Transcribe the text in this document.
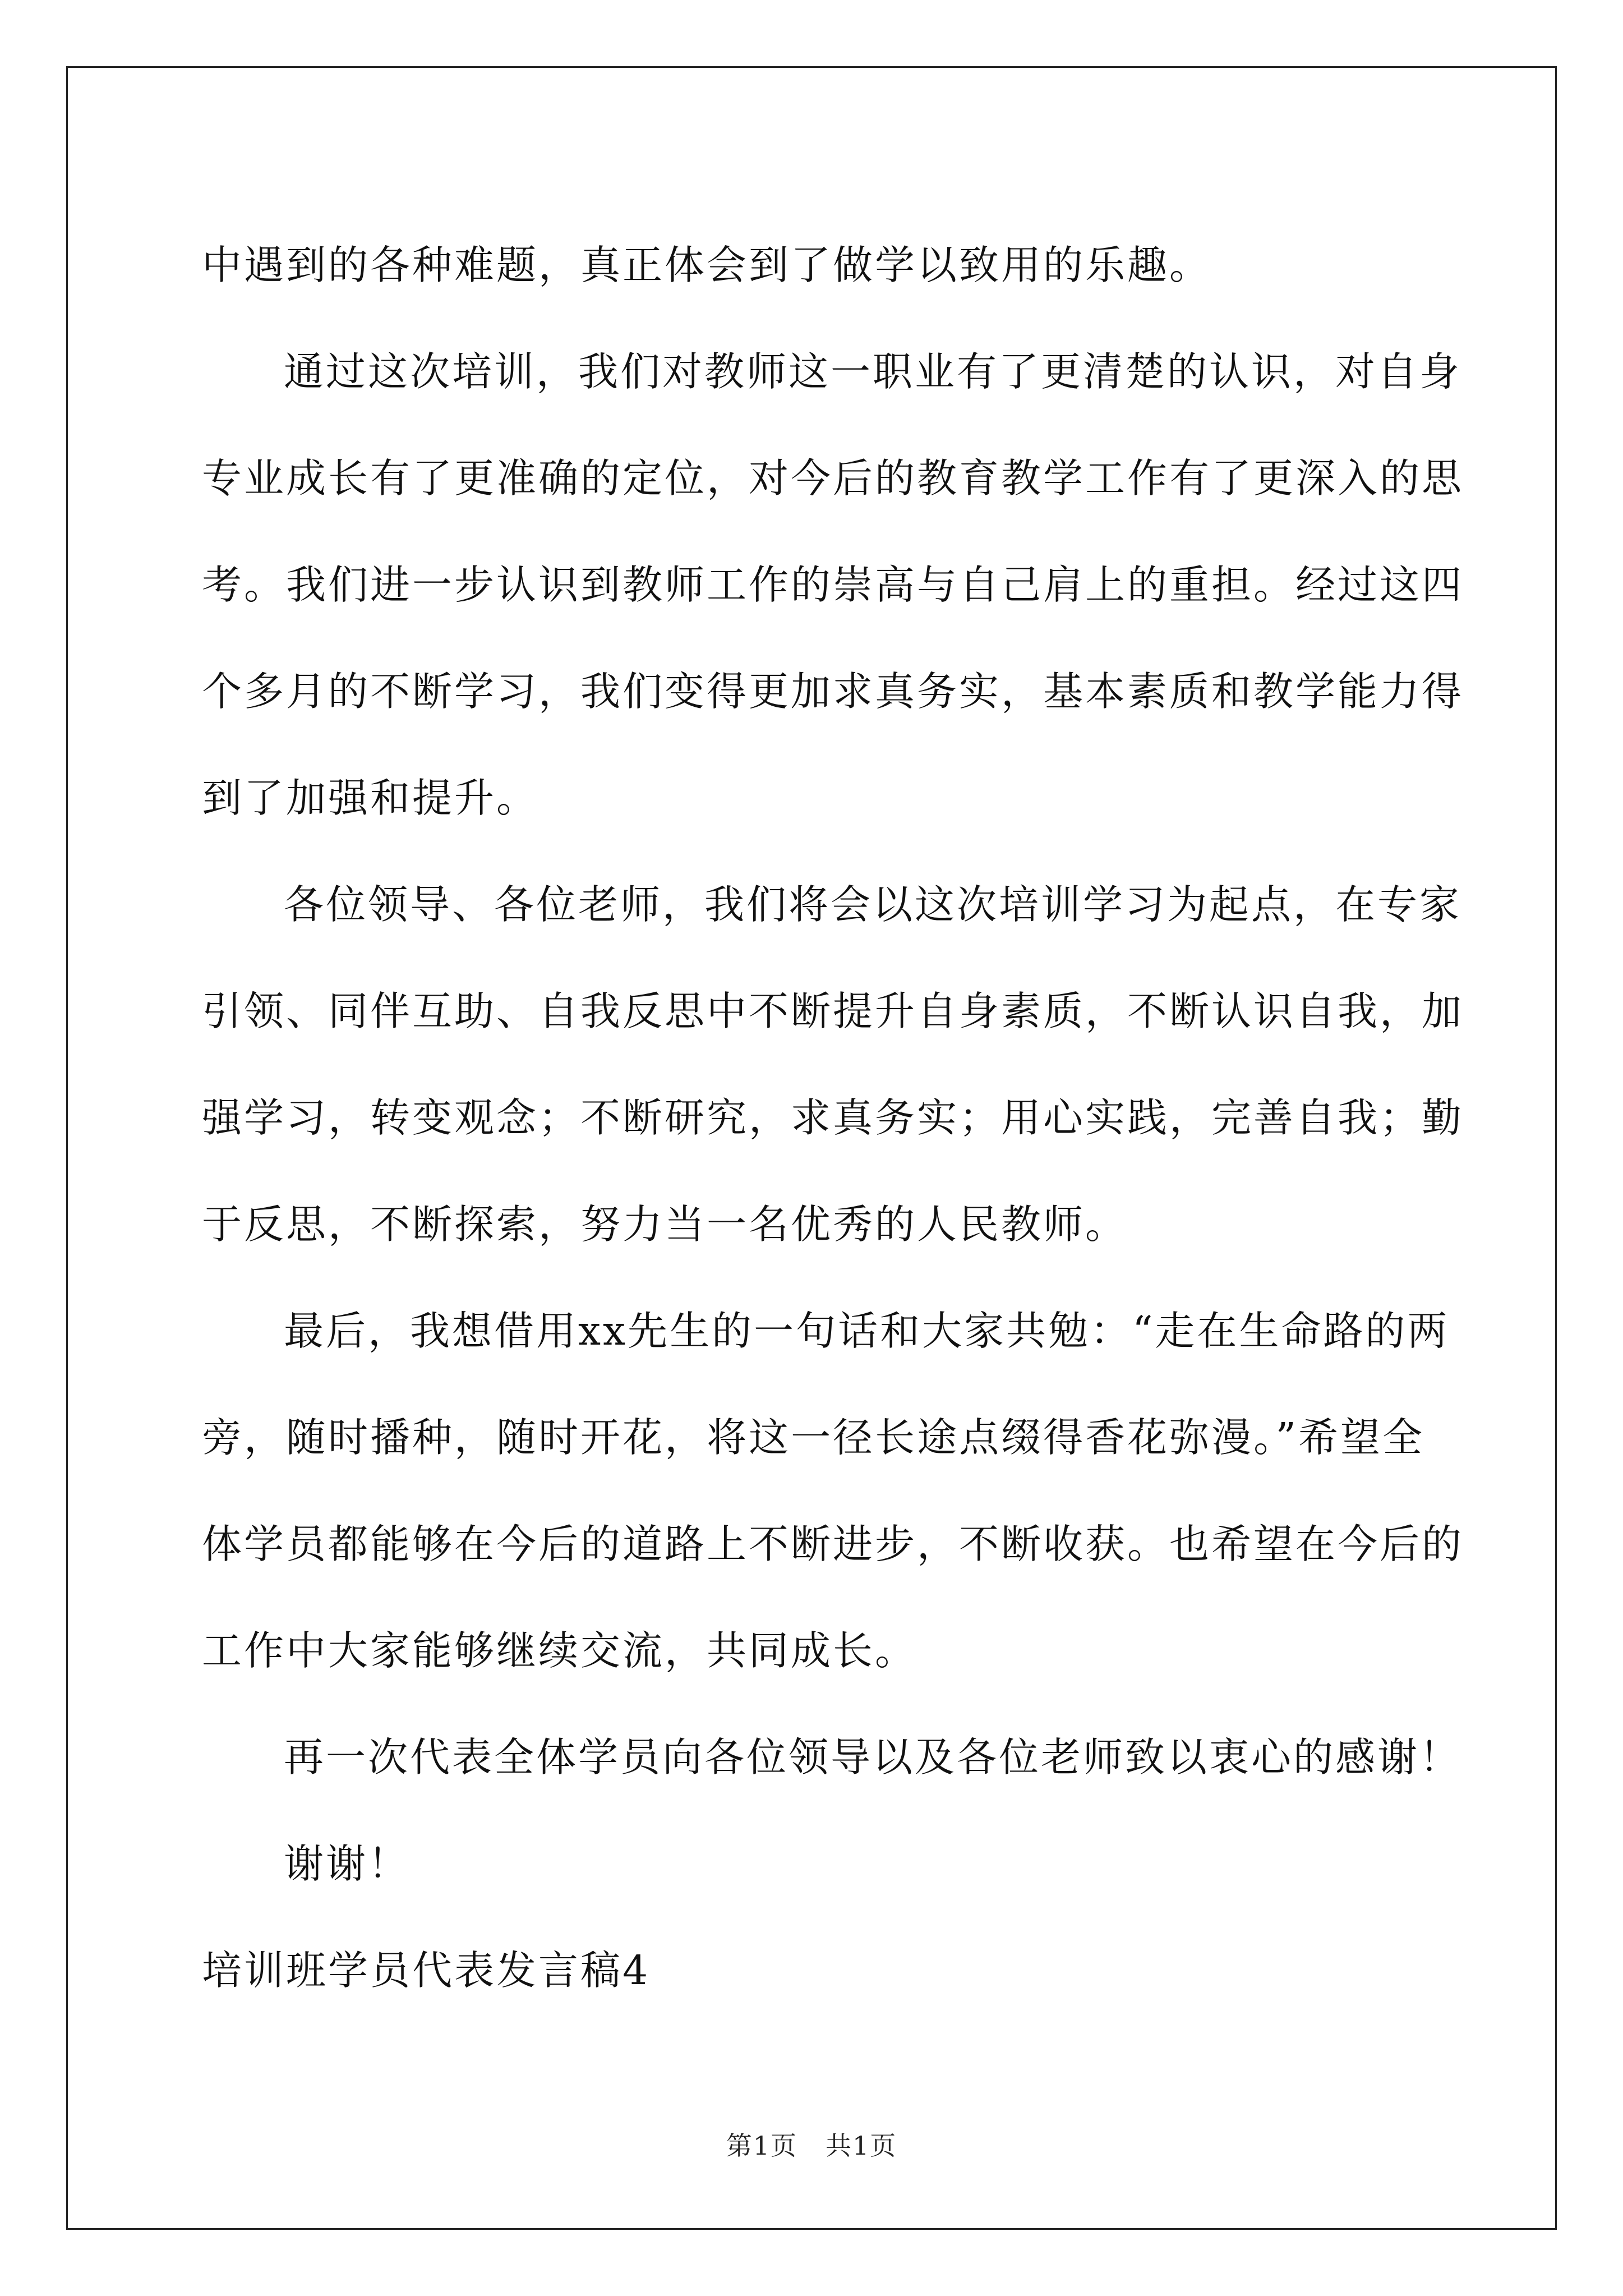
中遇到的各种难题，真正体会到了做学以致用的乐趣。
通过这次培训，我们对教师这一职业有了更清楚的认识，对自身
专业成长有了更准确的定位，对今后的教育教学工作有了更深入的思
考。我们进一步认识到教师工作的崇高与自己肩上的重担。经过这四
个多月的不断学习，我们变得更加求真务实，基本素质和教学能力得
到了加强和提升。
各位领导、各位老师，我们将会以这次培训学习为起点，在专家
引领、同伴互助、自我反思中不断提升自身素质，不断认识自我，加
强学习，转变观念；不断研究，求真务实；用心实践，完善自我；勤
于反思，不断探索，努力当一名优秀的人民教师。
最后，我想借用xx先生的一句话和大家共勉：“走在生命路的两
旁，随时播种，随时开花，将这一径长途点缀得香花弥漫。”希望全
体学员都能够在今后的道路上不断进步，不断收获。也希望在今后的
工作中大家能够继续交流，共同成长。
再一次代表全体学员向各位领导以及各位老师致以衷心的感谢！
谢谢！
培训班学员代表发言稿4
第1页 共1页
